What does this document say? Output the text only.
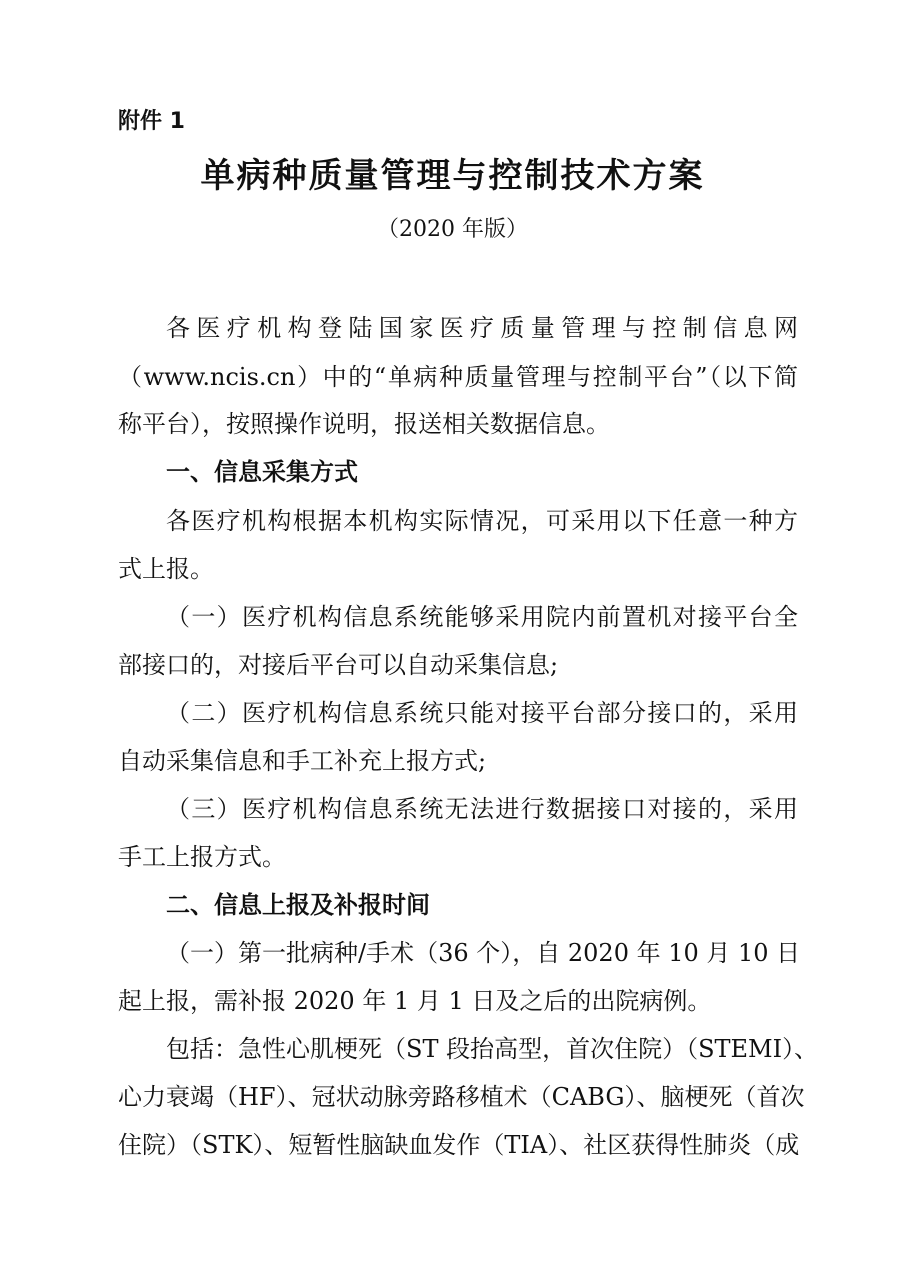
附件 1
单病种质量管理与控制技术方案
（2020 年版）
各医疗机构登陆国家医疗质量管理与控制信息网
（www.ncis.cn）中的“单病种质量管理与控制平台”（以下简
称平台），按照操作说明，报送相关数据信息。
一、信息采集方式
各医疗机构根据本机构实际情况，可采用以下任意一种方
式上报。
（一）医疗机构信息系统能够采用院内前置机对接平台全
部接口的，对接后平台可以自动采集信息;
（二）医疗机构信息系统只能对接平台部分接口的，采用
自动采集信息和手工补充上报方式;
（三）医疗机构信息系统无法进行数据接口对接的，采用
手工上报方式。
二、信息上报及补报时间
（一）第一批病种/手术（36 个），自 2020 年 10 月 10 日
起上报，需补报 2020 年 1 月 1 日及之后的出院病例。
包括：急性心肌梗死（ST 段抬高型，首次住院）（STEMI）、
心力衰竭（HF）、冠状动脉旁路移植术（CABG）、脑梗死（首次
住院）（STK）、短暂性脑缺血发作（TIA）、社区获得性肺炎（成
